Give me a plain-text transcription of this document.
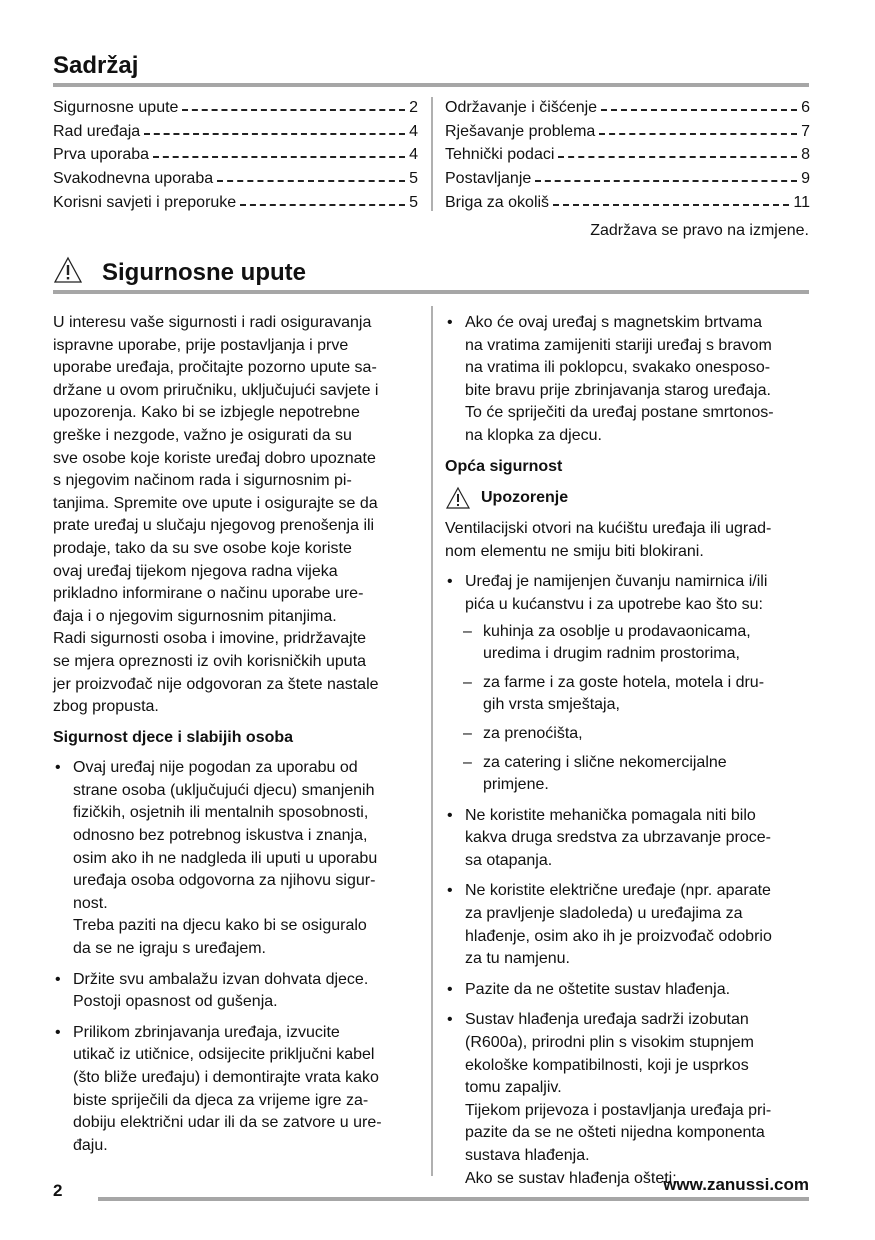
Sadržaj
Sigurnosne upute	2
Rad uređaja	4
Prva uporaba	4
Svakodnevna uporaba	5
Korisni savjeti i preporuke	5
Održavanje i čišćenje	6
Rješavanje problema	7
Tehnički podaci	8
Postavljanje	9
Briga za okoliš	11
Zadržava se pravo na izmjene.
Sigurnosne upute

U interesu vaše sigurnosti i radi osiguravanja
ispravne uporabe, prije postavljanja i prve
uporabe uređaja, pročitajte pozorno upute sa-
držane u ovom priručniku, uključujući savjete i
upozorenja. Kako bi se izbjegle nepotrebne
greške i nezgode, važno je osigurati da su
sve osobe koje koriste uređaj dobro upoznate
s njegovim načinom rada i sigurnosnim pi-
tanjima. Spremite ove upute i osigurajte se da
prate uređaj u slučaju njegovog prenošenja ili
prodaje, tako da su sve osobe koje koriste
ovaj uređaj tijekom njegova radna vijeka
prikladno informirane o načinu uporabe ure-
đaja i o njegovim sigurnosnim pitanjima.
Radi sigurnosti osoba i imovine, pridržavajte
se mjera opreznosti iz ovih korisničkih uputa
jer proizvođač nije odgovoran za štete nastale
zbog propusta.

Sigurnost djece i slabijih osoba
• Ovaj uređaj nije pogodan za uporabu od
strane osoba (uključujući djecu) smanjenih
fizičkih, osjetnih ili mentalnih sposobnosti,
odnosno bez potrebnog iskustva i znanja,
osim ako ih ne nadgleda ili uputi u uporabu
uređaja osoba odgovorna za njihovu sigur-
nost.
Treba paziti na djecu kako bi se osiguralo
da se ne igraju s uređajem.
• Držite svu ambalažu izvan dohvata djece.
Postoji opasnost od gušenja.
• Prilikom zbrinjavanja uređaja, izvucite
utikač iz utičnice, odsijecite priključni kabel
(što bliže uređaju) i demontirajte vrata kako
biste spriječili da djeca za vrijeme igre za-
dobiju električni udar ili da se zatvore u ure-
đaju.
• Ako će ovaj uređaj s magnetskim brtvama
na vratima zamijeniti stariji uređaj s bravom
na vratima ili poklopcu, svakako onesposo-
bite bravu prije zbrinjavanja starog uređaja.
To će spriječiti da uređaj postane smrtonos-
na klopka za djecu.
Opća sigurnost
Upozorenje

Ventilacijski otvori na kućištu uređaja ili ugrad-
nom elementu ne smiju biti blokirani.

• Uređaj je namijenjen čuvanju namirnica i/ili
pića u kućanstvu i za upotrebe kao što su:
– kuhinja za osoblje u prodavaonicama,
uredima i drugim radnim prostorima,
– za farme i za goste hotela, motela i dru-
gih vrsta smještaja,
– za prenoćišta,
– za catering i slične nekomercijalne
primjene.
• Ne koristite mehanička pomagala niti bilo
kakva druga sredstva za ubrzavanje proce-
sa otapanja.
• Ne koristite električne uređaje (npr. aparate
za pravljenje sladoleda) u uređajima za
hlađenje, osim ako ih je proizvođač odobrio
za tu namjenu.
• Pazite da ne oštetite sustav hlađenja.
• Sustav hlađenja uređaja sadrži izobutan
(R600a), prirodni plin s visokim stupnjem
ekološke kompatibilnosti, koji je usprkos
tomu zapaljiv.
Tijekom prijevoza i postavljanja uređaja pri-
pazite da se ne ošteti nijedna komponenta
sustava hlađenja.
Ako se sustav hlađenja ošteti:
2	www.zanussi.com
